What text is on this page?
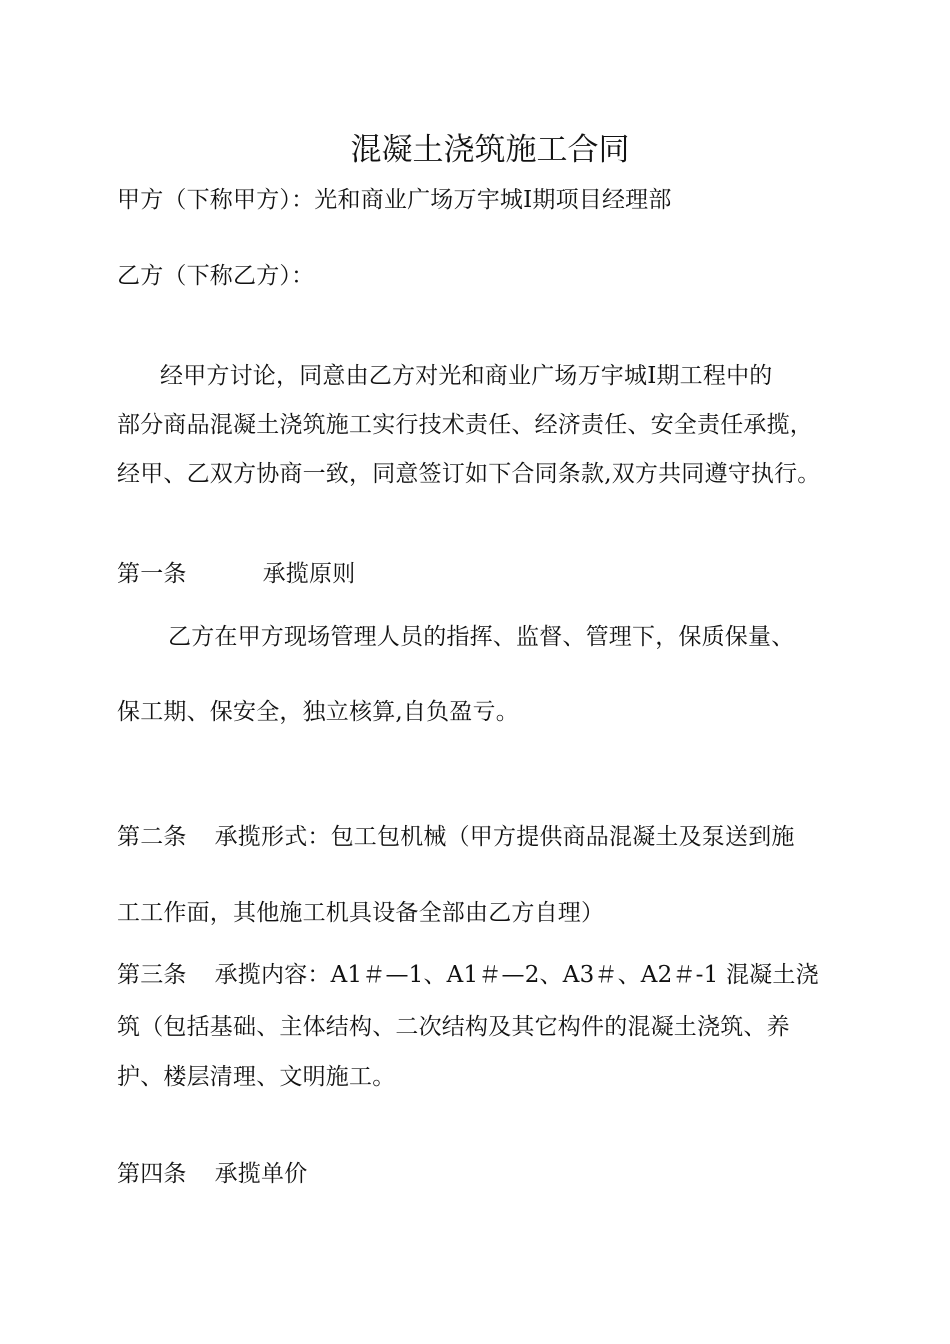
混凝土浇筑施工合同
甲方（下称甲方）：光和商业广场万宇城Ⅰ期项目经理部
乙方（下称乙方）：
经甲方讨论，同意由乙方对光和商业广场万宇城Ⅰ期工程中的
部分商品混凝土浇筑施工实行技术责任、经济责任、安全责任承揽，
经甲、乙双方协商一致，同意签订如下合同条款,双方共同遵守执行。
第一条	承揽原则
乙方在甲方现场管理人员的指挥、监督、管理下，保质保量、
保工期、保安全，独立核算,自负盈亏。
第二条 承揽形式：包工包机械（甲方提供商品混凝土及泵送到施
工工作面，其他施工机具设备全部由乙方自理）
第三条 承揽内容：A1＃—1、A1＃—2、A3＃、A2＃-1 混凝土浇
筑（包括基础、主体结构、二次结构及其它构件的混凝土浇筑、养
护、楼层清理、文明施工。
第四条 承揽单价
